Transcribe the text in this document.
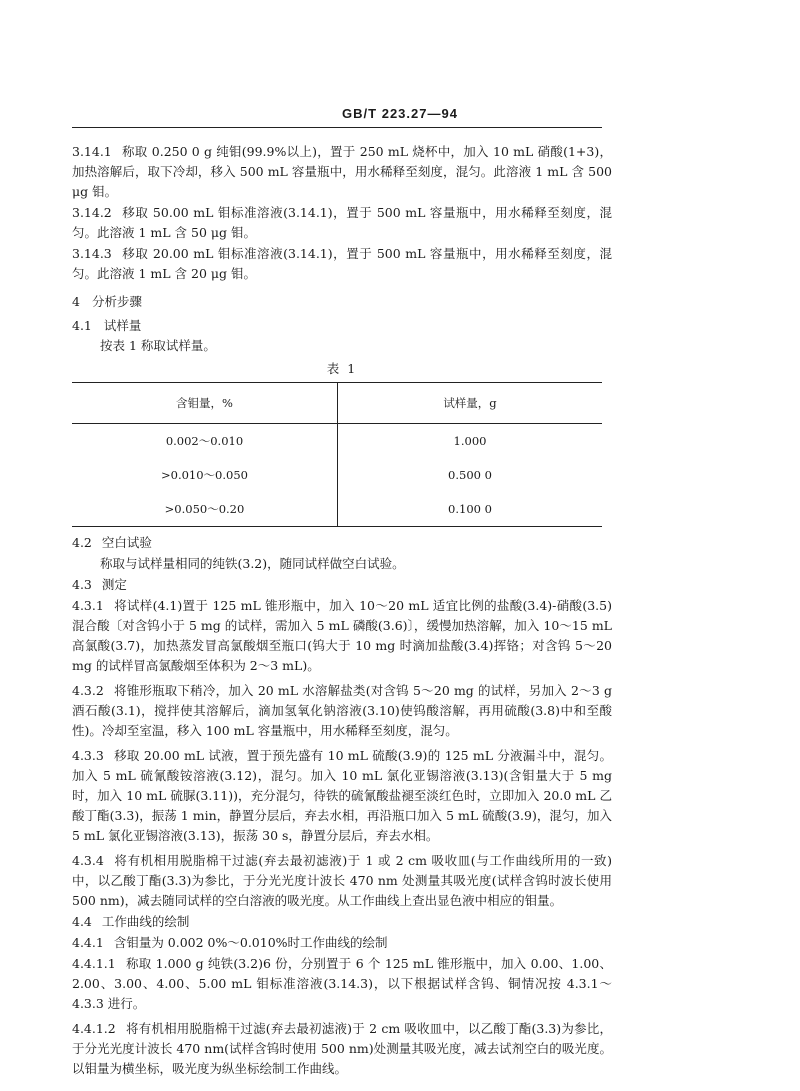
GB/T 223.27—94

3.14.1 称取 0.250 0 g 纯钼(99.9%以上)，置于 250 mL 烧杯中，加入 10 mL 硝酸(1+3)，加热溶解后，取下冷却，移入 500 mL 容量瓶中，用水稀释至刻度，混匀。此溶液 1 mL 含 500 μg 钼。

3.14.2 移取 50.00 mL 钼标准溶液(3.14.1)，置于 500 mL 容量瓶中，用水稀释至刻度，混匀。此溶液 1 mL 含 50 μg 钼。

3.14.3 移取 20.00 mL 钼标准溶液(3.14.1)，置于 500 mL 容量瓶中，用水稀释至刻度，混匀。此溶液 1 mL 含 20 μg 钼。

4 分析步骤

4.1 试样量

按表 1 称取试样量。

表 1
含钼量，%	试样量，g
0.002～0.010	1.000
>0.010～0.050	0.500 0
>0.050～0.20	0.100 0

4.2 空白试验

称取与试样量相同的纯铁(3.2)，随同试样做空白试验。

4.3 测定

4.3.1 将试样(4.1)置于 125 mL 锥形瓶中，加入 10～20 mL 适宜比例的盐酸(3.4)-硝酸(3.5)混合酸〔对含钨小于 5 mg 的试样，需加入 5 mL 磷酸(3.6)〕，缓慢加热溶解，加入 10～15 mL 高氯酸(3.7)，加热蒸发冒高氯酸烟至瓶口(钨大于 10 mg 时滴加盐酸(3.4)挥铬；对含钨 5～20 mg 的试样冒高氯酸烟至体积为 2～3 mL)。

4.3.2 将锥形瓶取下稍冷，加入 20 mL 水溶解盐类(对含钨 5～20 mg 的试样，另加入 2～3 g 酒石酸(3.1)，搅拌使其溶解后，滴加氢氧化钠溶液(3.10)使钨酸溶解，再用硫酸(3.8)中和至酸性)。冷却至室温，移入 100 mL 容量瓶中，用水稀释至刻度，混匀。

4.3.3 移取 20.00 mL 试液，置于预先盛有 10 mL 硫酸(3.9)的 125 mL 分液漏斗中，混匀。加入 5 mL 硫氰酸铵溶液(3.12)，混匀。加入 10 mL 氯化亚锡溶液(3.13)(含钼量大于 5 mg 时，加入 10 mL 硫脲(3.11))，充分混匀，待铁的硫氰酸盐褪至淡红色时，立即加入 20.0 mL 乙酸丁酯(3.3)，振荡 1 min，静置分层后，弃去水相，再沿瓶口加入 5 mL 硫酸(3.9)，混匀，加入 5 mL 氯化亚锡溶液(3.13)，振荡 30 s，静置分层后，弃去水相。

4.3.4 将有机相用脱脂棉干过滤(弃去最初滤液)于 1 或 2 cm 吸收皿(与工作曲线所用的一致)中，以乙酸丁酯(3.3)为参比，于分光光度计波长 470 nm 处测量其吸光度(试样含钨时波长使用 500 nm)，减去随同试样的空白溶液的吸光度。从工作曲线上查出显色液中相应的钼量。

4.4 工作曲线的绘制

4.4.1 含钼量为 0.002 0%～0.010%时工作曲线的绘制

4.4.1.1 称取 1.000 g 纯铁(3.2)6 份，分别置于 6 个 125 mL 锥形瓶中，加入 0.00、1.00、2.00、3.00、4.00、5.00 mL 钼标准溶液(3.14.3)，以下根据试样含钨、铜情况按 4.3.1～4.3.3 进行。

4.4.1.2 将有机相用脱脂棉干过滤(弃去最初滤液)于 2 cm 吸收皿中，以乙酸丁酯(3.3)为参比，于分光光度计波长 470 nm(试样含钨时使用 500 nm)处测量其吸光度，减去试剂空白的吸光度。以钼量为横坐标，吸光度为纵坐标绘制工作曲线。
